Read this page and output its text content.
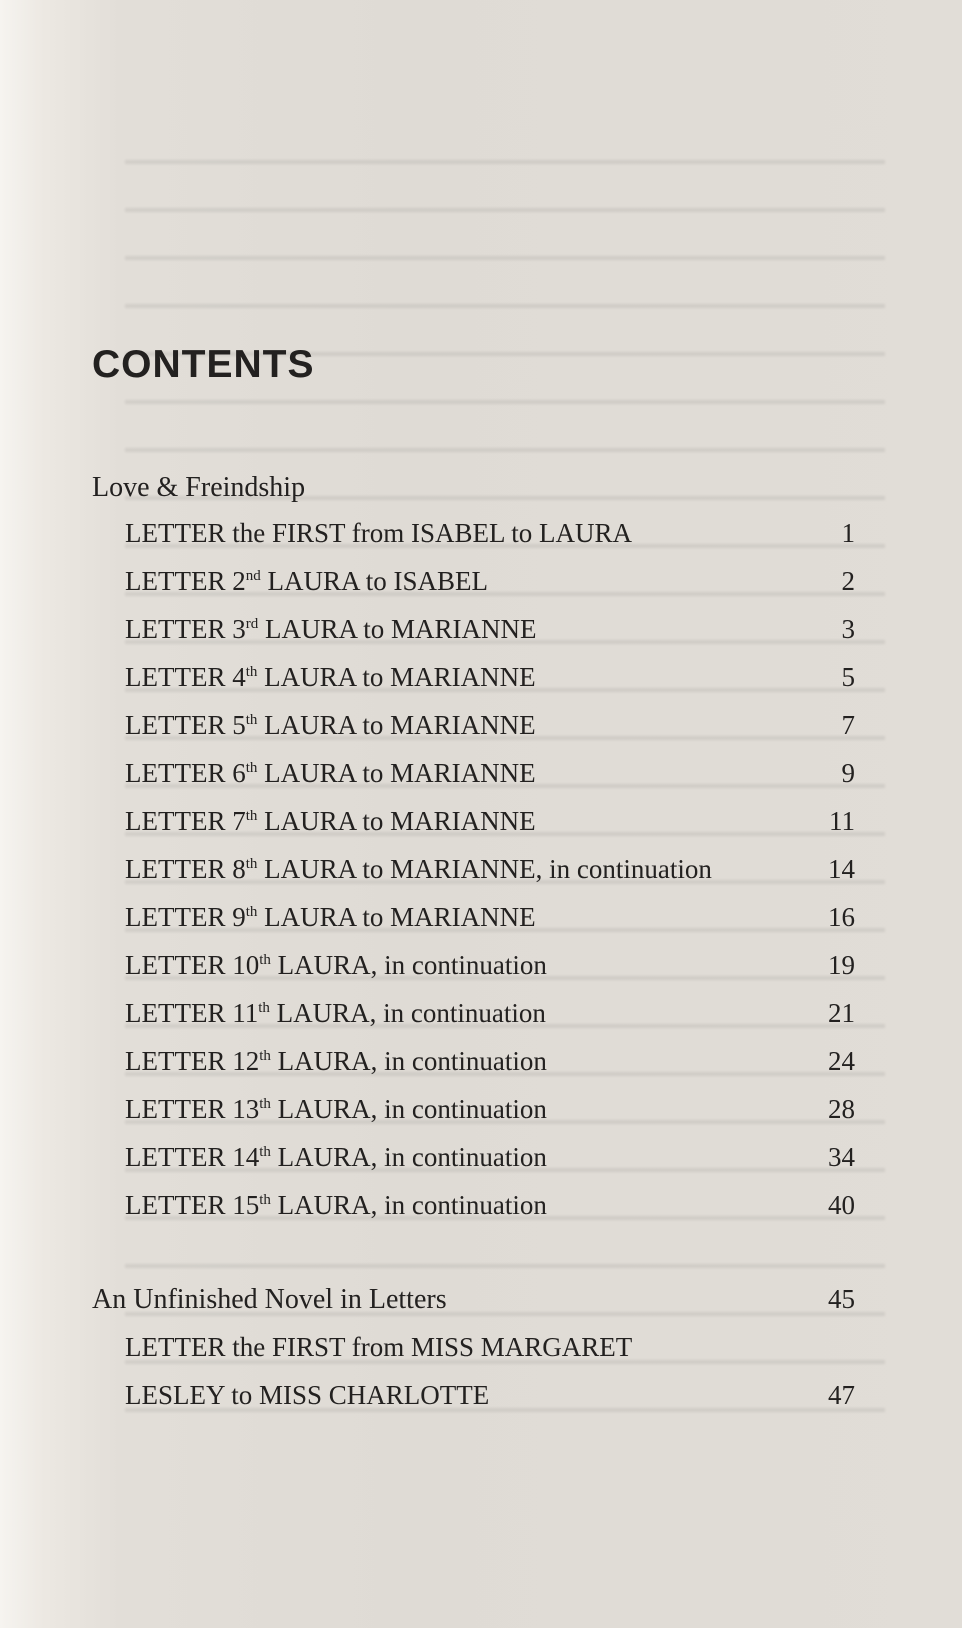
CONTENTS
Love & Freindship
LETTER the FIRST from ISABEL to LAURA	1
LETTER 2nd LAURA to ISABEL	2
LETTER 3rd LAURA to MARIANNE	3
LETTER 4th LAURA to MARIANNE	5
LETTER 5th LAURA to MARIANNE	7
LETTER 6th LAURA to MARIANNE	9
LETTER 7th LAURA to MARIANNE	11
LETTER 8th LAURA to MARIANNE, in continuation	14
LETTER 9th LAURA to MARIANNE	16
LETTER 10th LAURA, in continuation	19
LETTER 11th LAURA, in continuation	21
LETTER 12th LAURA, in continuation	24
LETTER 13th LAURA, in continuation	28
LETTER 14th LAURA, in continuation	34
LETTER 15th LAURA, in continuation	40
An Unfinished Novel in Letters	45
LETTER the FIRST from MISS MARGARET
LESLEY to MISS CHARLOTTE	47
